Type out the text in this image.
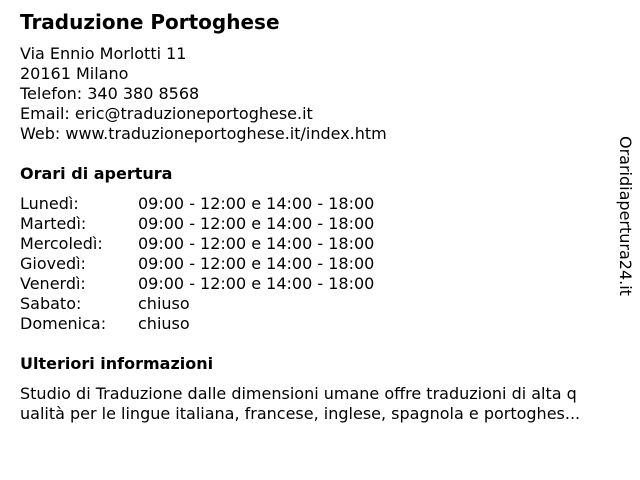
Traduzione Portoghese
Via Ennio Morlotti 11
20161 Milano
Telefon: 340 380 8568
Email: eric@traduzioneportoghese.it
Web: www.traduzioneportoghese.it/index.htm
Orari di apertura
Lunedì:	09:00 - 12:00 e 14:00 - 18:00
Martedì:	09:00 - 12:00 e 14:00 - 18:00
Mercoledì:	09:00 - 12:00 e 14:00 - 18:00
Giovedì:	09:00 - 12:00 e 14:00 - 18:00
Venerdì:	09:00 - 12:00 e 14:00 - 18:00
Sabato:	chiuso
Domenica:	chiuso
Ulteriori informazioni
Studio di Traduzione dalle dimensioni umane offre traduzioni di alta q
ualità per le lingue italiana, francese, inglese, spagnola e portoghes...
Oraridiapertura24.it
